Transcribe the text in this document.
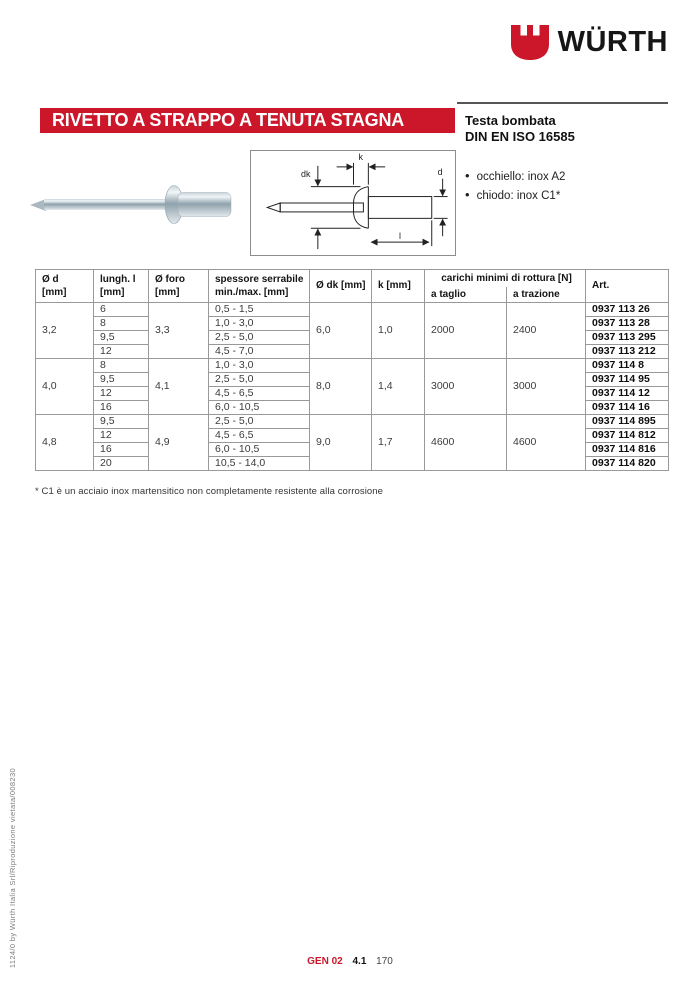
1124/0 by Würth Italia Srl/Riproduzione vietata/008230
WÜRTH
RIVETTO A STRAPPO A TENUTA STAGNA	Testa bombata
DIN EN ISO 16585
• occhiello: inox A2
• chiodo: inox C1*
dk
k
d
l
Ø d
[mm]	lungh. l
[mm]	Ø foro
[mm]	spessore serrabile
min./max. [mm]	Ø dk [mm]	k [mm]	carichi minimi di rottura [N]		Art.
						a taglio	a trazione	
3,2	6	3,3	0,5 - 1,5	6,0	1,0	2000	2400	0937 113 26
	8		1,0 - 3,0					0937 113 28
	9,5		2,5 - 5,0					0937 113 295
	12		4,5 - 7,0					0937 113 212
4,0	8	4,1	1,0 - 3,0	8,0	1,4	3000	3000	0937 114 8
	9,5		2,5 - 5,0					0937 114 95
	12		4,5 - 6,5					0937 114 12
	16		6,0 - 10,5					0937 114 16
4,8	9,5	4,9	2,5 - 5,0	9,0	1,7	4600	4600	0937 114 895
	12		4,5 - 6,5					0937 114 812
	16		6,0 - 10,5					0937 114 816
	20		10,5 - 14,0					0937 114 820
* C1 è un acciaio inox martensitico non completamente resistente alla corrosione
GEN 02 4.1 170
